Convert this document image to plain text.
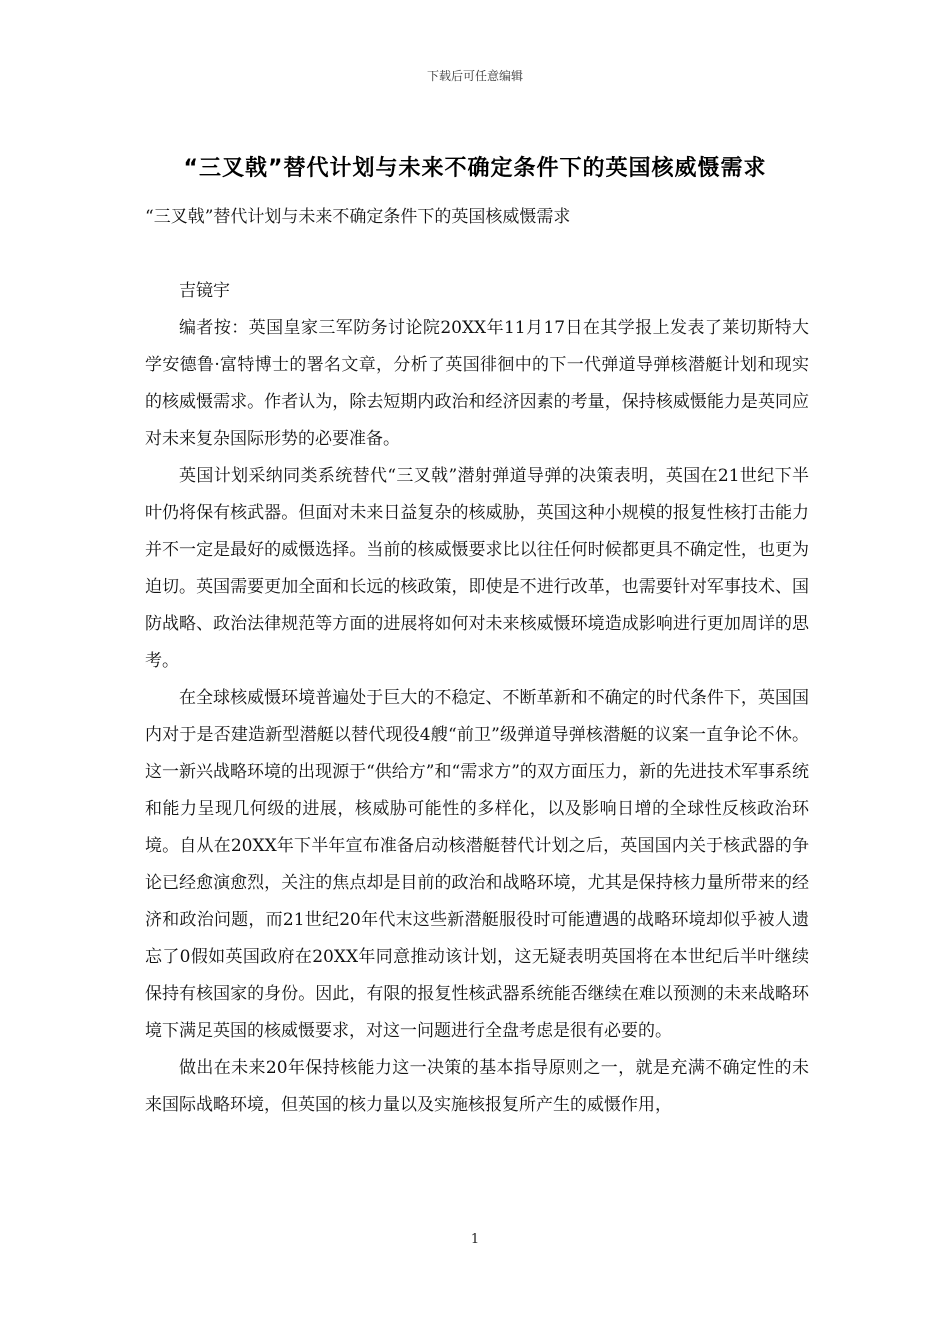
下载后可任意编辑
“三叉戟”替代计划与未来不确定条件下的英国核威慑需求
“三叉戟”替代计划与未来不确定条件下的英国核威慑需求

吉镜宇

编者按：英国皇家三军防务讨论院20XX年11月17日在其学报上发表了莱切斯特大学安德鲁·富特博士的署名文章，分析了英国徘徊中的下一代弹道导弹核潜艇计划和现实的核威慑需求。作者认为，除去短期内政治和经济因素的考量，保持核威慑能力是英同应对未来复杂国际形势的必要准备。

英国计划采纳同类系统替代“三叉戟”潜射弹道导弹的决策表明，英国在21世纪下半叶仍将保有核武器。但面对未来日益复杂的核威胁，英国这种小规模的报复性核打击能力并不一定是最好的威慑选择。当前的核威慑要求比以往任何时候都更具不确定性，也更为迫切。英国需要更加全面和长远的核政策，即使是不进行改革，也需要针对军事技术、国防战略、政治法律规范等方面的进展将如何对未来核威慑环境造成影响进行更加周详的思考。

在全球核威慑环境普遍处于巨大的不稳定、不断革新和不确定的时代条件下，英国国内对于是否建造新型潜艇以替代现役4艘“前卫”级弹道导弹核潜艇的议案一直争论不休。这一新兴战略环境的出现源于“供给方”和“需求方”的双方面压力，新的先进技术军事系统和能力呈现几何级的进展，核威胁可能性的多样化，以及影响日增的全球性反核政治环境。自从在20XX年下半年宣布准备启动核潜艇替代计划之后，英国国内关于核武器的争论已经愈演愈烈，关注的焦点却是目前的政治和战略环境，尤其是保持核力量所带来的经济和政治问题，而21世纪20年代末这些新潜艇服役时可能遭遇的战略环境却似乎被人遗忘了0假如英国政府在20XX年同意推动该计划，这无疑表明英国将在本世纪后半叶继续保持有核国家的身份。因此，有限的报复性核武器系统能否继续在难以预测的未来战略环境下满足英国的核威慑要求，对这一问题进行全盘考虑是很有必要的。

做出在未来20年保持核能力这一决策的基本指导原则之一，就是充满不确定性的未来国际战略环境，但英国的核力量以及实施核报复所产生的威慑作用，

1
